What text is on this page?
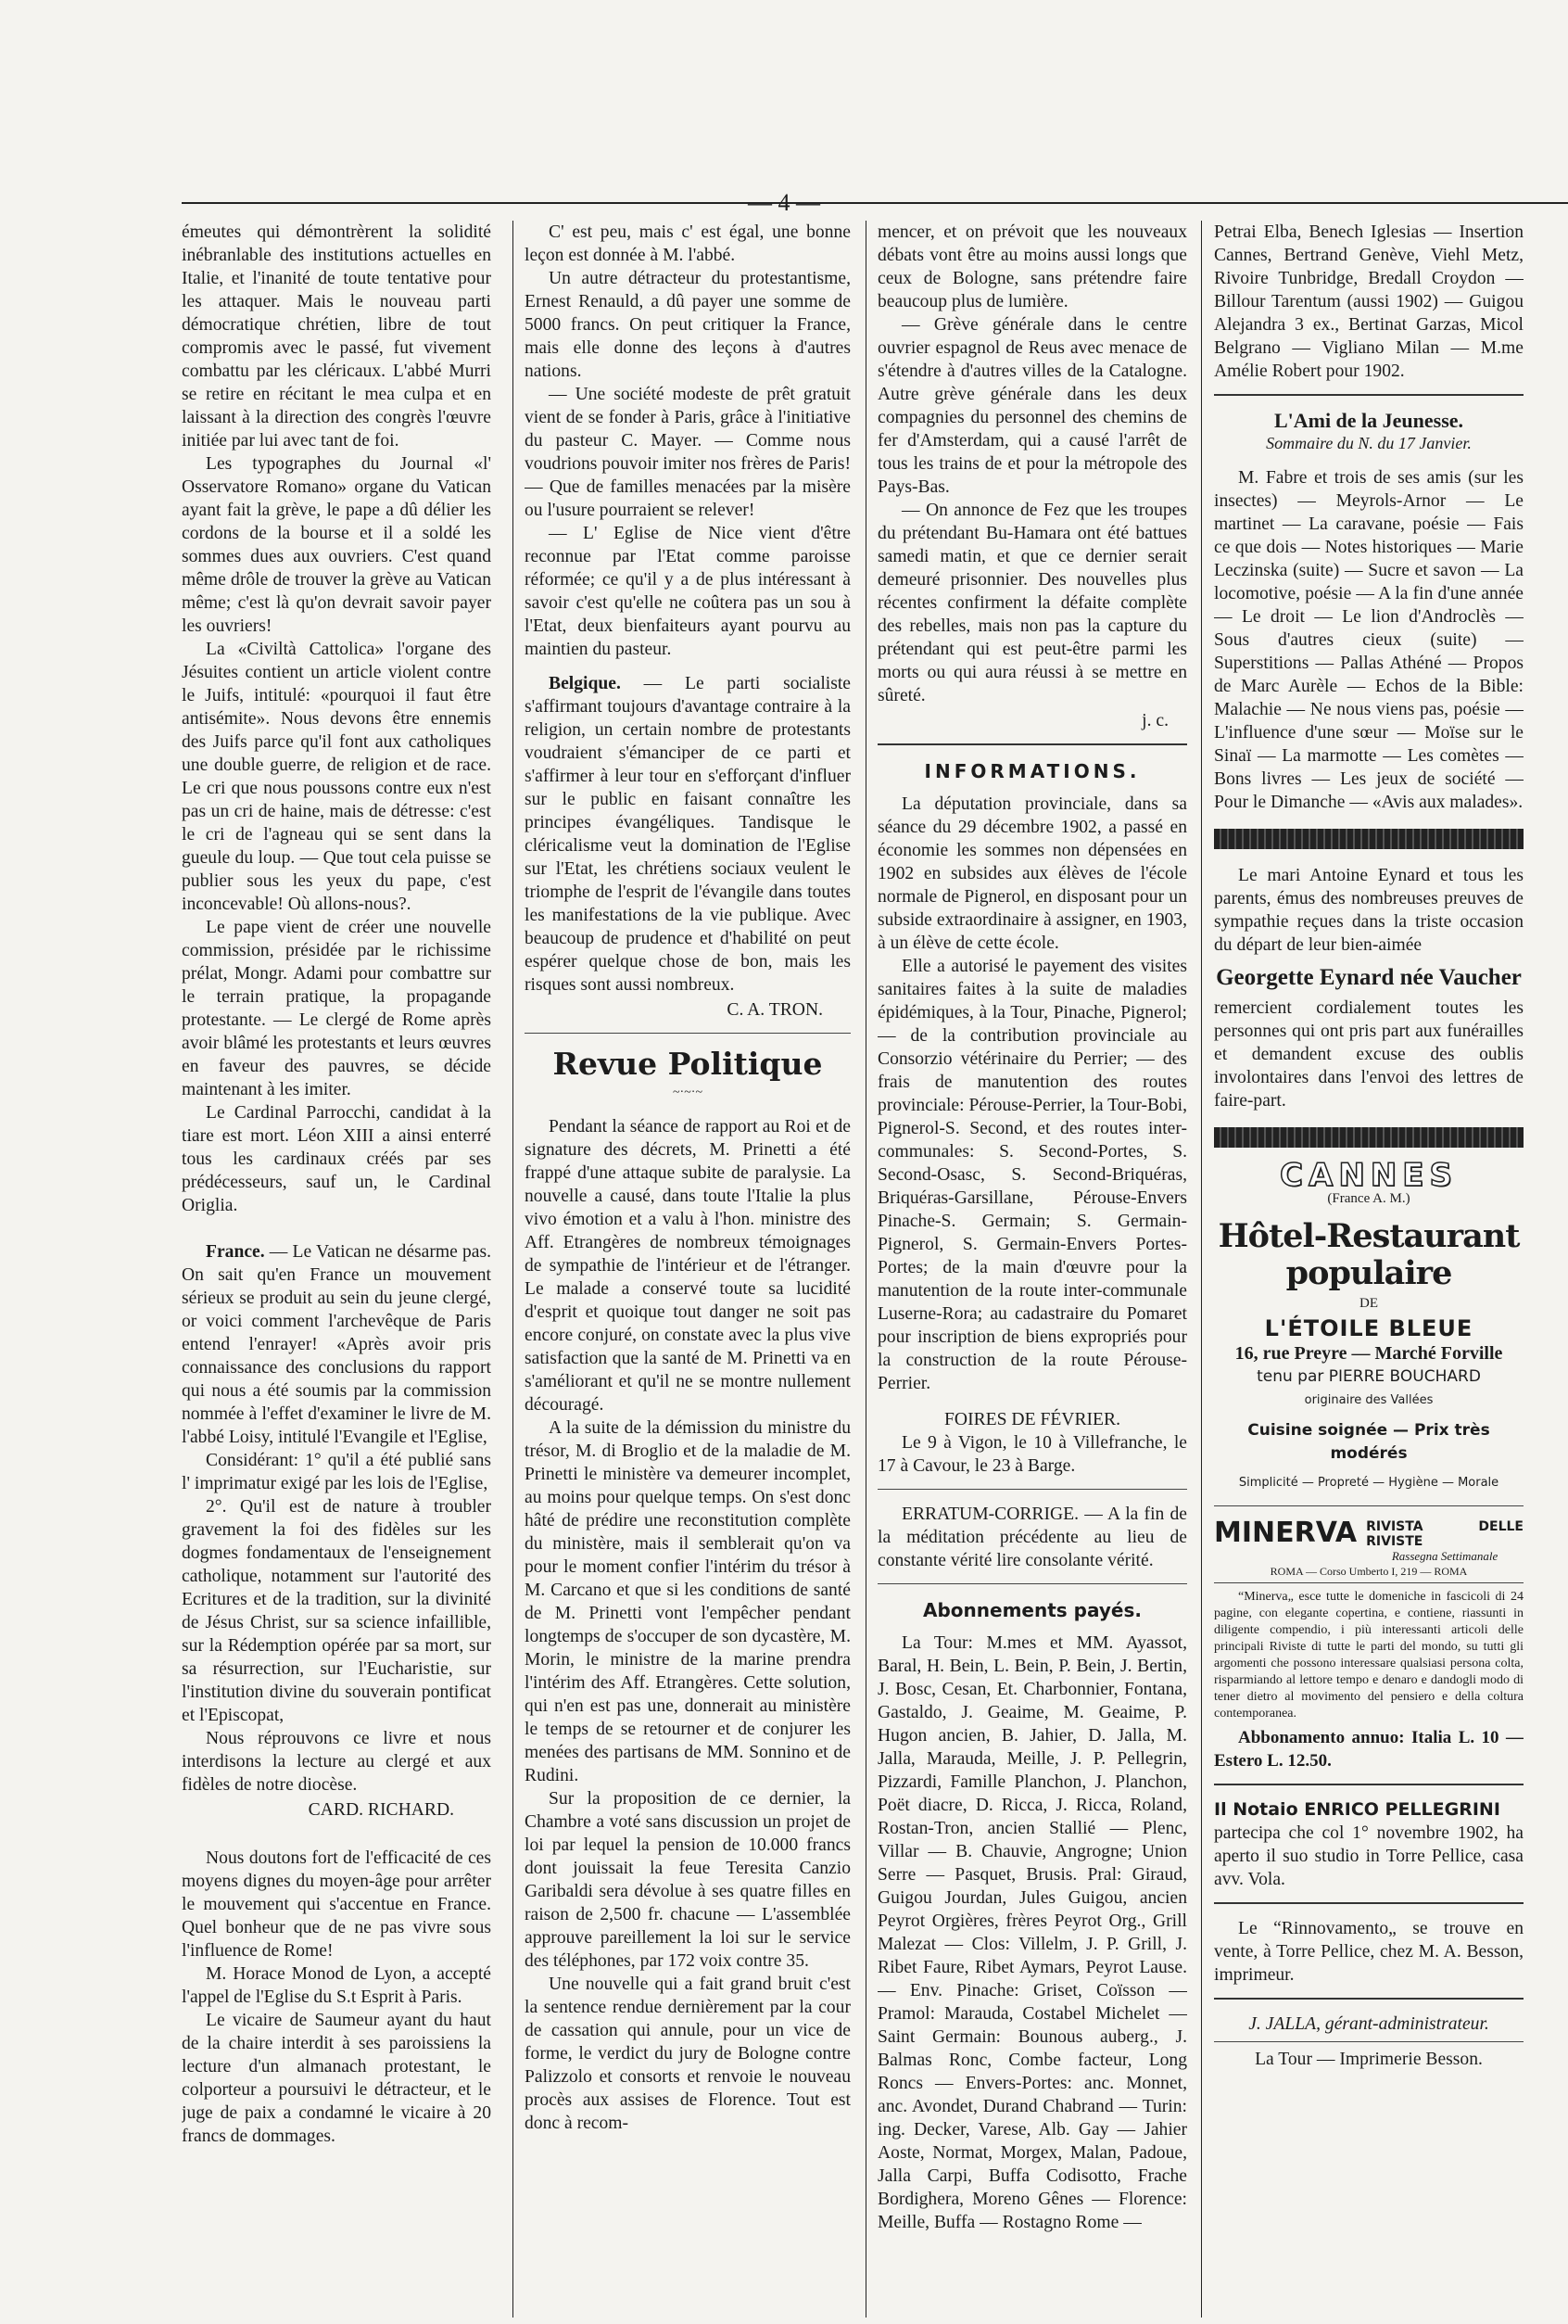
— 4 —

émeutes qui démontrèrent la solidité inébranlable des institutions actuelles en Italie, et l'inanité de toute tentative pour les attaquer. Mais le nouveau parti démocratique chrétien, libre de tout compromis avec le passé, fut vivement combattu par les cléricaux. L'abbé Murri se retire en récitant le mea culpa et en laissant à la direction des congrès l'œuvre initiée par lui avec tant de foi.

Les typographes du Journal «l' Osservatore Romano» organe du Vatican ayant fait la grève, le pape a dû délier les cordons de la bourse et il a soldé les sommes dues aux ouvriers. C'est quand même drôle de trouver la grève au Vatican même; c'est là qu'on devrait savoir payer les ouvriers!

La «Civiltà Cattolica» l'organe des Jésuites contient un article violent contre le Juifs, intitulé: «pourquoi il faut être antisémite». Nous devons être ennemis des Juifs parce qu'il font aux catholiques une double guerre, de religion et de race. Le cri que nous poussons contre eux n'est pas un cri de haine, mais de détresse: c'est le cri de l'agneau qui se sent dans la gueule du loup. — Que tout cela puisse se publier sous les yeux du pape, c'est inconcevable! Où allons-nous?.

Le pape vient de créer une nouvelle commission, présidée par le richissime prélat, Mongr. Adami pour combattre sur le terrain pratique, la propagande protestante. — Le clergé de Rome après avoir blâmé les protestants et leurs œuvres en faveur des pauvres, se décide maintenant à les imiter.

Le Cardinal Parrocchi, candidat à la tiare est mort. Léon XIII a ainsi enterré tous les cardinaux créés par ses prédécesseurs, sauf un, le Cardinal Origlia.

France. — Le Vatican ne désarme pas. On sait qu'en France un mouvement sérieux se produit au sein du jeune clergé, or voici comment l'archevêque de Paris entend l'enrayer! «Après avoir pris connaissance des conclusions du rapport qui nous a été soumis par la commission nommée à l'effet d'examiner le livre de M. l'abbé Loisy, intitulé l'Evangile et l'Eglise,

Considérant: 1° qu'il a été publié sans l' imprimatur exigé par les lois de l'Eglise,

2°. Qu'il est de nature à troubler gravement la foi des fidèles sur les dogmes fondamentaux de l'enseignement catholique, notamment sur l'autorité des Ecritures et de la tradition, sur la divinité de Jésus Christ, sur sa science infaillible, sur la Rédemption opérée par sa mort, sur sa résurrection, sur l'Eucharistie, sur l'institution divine du souverain pontificat et l'Episcopat,

Nous réprouvons ce livre et nous interdisons la lecture au clergé et aux fidèles de notre diocèse.

CARD. RICHARD.

Nous doutons fort de l'efficacité de ces moyens dignes du moyen-âge pour arrêter le mouvement qui s'accentue en France. Quel bonheur que de ne pas vivre sous l'influence de Rome!

M. Horace Monod de Lyon, a accepté l'appel de l'Eglise du S.t Esprit à Paris.

Le vicaire de Saumeur ayant du haut de la chaire interdit à ses paroissiens la lecture d'un almanach protestant, le colporteur a poursuivi le détracteur, et le juge de paix a condamné le vicaire à 20 francs de dommages.

C' est peu, mais c' est égal, une bonne leçon est donnée à M. l'abbé.

Un autre détracteur du protestantisme, Ernest Renauld, a dû payer une somme de 5000 francs. On peut critiquer la France, mais elle donne des leçons à d'autres nations.

— Une société modeste de prêt gratuit vient de se fonder à Paris, grâce à l'initiative du pasteur C. Mayer. — Comme nous voudrions pouvoir imiter nos frères de Paris! — Que de familles menacées par la misère ou l'usure pourraient se relever!

— L' Eglise de Nice vient d'être reconnue par l'Etat comme paroisse réformée; ce qu'il y a de plus intéressant à savoir c'est qu'elle ne coûtera pas un sou à l'Etat, deux bienfaiteurs ayant pourvu au maintien du pasteur.

Belgique. — Le parti socialiste s'affirmant toujours d'avantage contraire à la religion, un certain nombre de protestants voudraient s'émanciper de ce parti et s'affirmer à leur tour en s'efforçant d'influer sur le public en faisant connaître les principes évangéliques. Tandisque le cléricalisme veut la domination de l'Eglise sur l'Etat, les chrétiens sociaux veulent le triomphe de l'esprit de l'évangile dans toutes les manifestations de la vie publique. Avec beaucoup de prudence et d'habilité on peut espérer quelque chose de bon, mais les risques sont aussi nombreux.

C. A. TRON.
Revue Politique
~·~·~

Pendant la séance de rapport au Roi et de signature des décrets, M. Prinetti a été frappé d'une attaque subite de paralysie. La nouvelle a causé, dans toute l'Italie la plus vivo émotion et a valu à l'hon. ministre des Aff. Etrangères de nombreux témoignages de sympathie de l'intérieur et de l'étranger. Le malade a conservé toute sa lucidité d'esprit et quoique tout danger ne soit pas encore conjuré, on constate avec la plus vive satisfaction que la santé de M. Prinetti va en s'améliorant et qu'il ne se montre nullement découragé.

A la suite de la démission du ministre du trésor, M. di Broglio et de la maladie de M. Prinetti le ministère va demeurer incomplet, au moins pour quelque temps. On s'est donc hâté de prédire une reconstitution complète du ministère, mais il semblerait qu'on va pour le moment confier l'intérim du trésor à M. Carcano et que si les conditions de santé de M. Prinetti vont l'empêcher pendant longtemps de s'occuper de son dycastère, M. Morin, le ministre de la marine prendra l'intérim des Aff. Etrangères. Cette solution, qui n'en est pas une, donnerait au ministère le temps de se retourner et de conjurer les menées des partisans de MM. Sonnino et de Rudini.

Sur la proposition de ce dernier, la Chambre a voté sans discussion un projet de loi par lequel la pension de 10.000 francs dont jouissait la feue Teresita Canzio Garibaldi sera dévolue à ses quatre filles en raison de 2,500 fr. chacune — L'assemblée approuve pareillement la loi sur le service des téléphones, par 172 voix contre 35.

Une nouvelle qui a fait grand bruit c'est la sentence rendue dernièrement par la cour de cassation qui annule, pour un vice de forme, le verdict du jury de Bologne contre Palizzolo et consorts et renvoie le nouveau procès aux assises de Florence. Tout est donc à recom-

mencer, et on prévoit que les nouveaux débats vont être au moins aussi longs que ceux de Bologne, sans prétendre faire beaucoup plus de lumière.

— Grève générale dans le centre ouvrier espagnol de Reus avec menace de s'étendre à d'autres villes de la Catalogne. Autre grève générale dans les deux compagnies du personnel des chemins de fer d'Amsterdam, qui a causé l'arrêt de tous les trains de et pour la métropole des Pays-Bas.

— On annonce de Fez que les troupes du prétendant Bu-Hamara ont été battues samedi matin, et que ce dernier serait demeuré prisonnier. Des nouvelles plus récentes confirment la défaite complète des rebelles, mais non pas la capture du prétendant qui est peut-être parmi les morts ou qui aura réussi à se mettre en sûreté.

j. c.
INFORMATIONS.

La députation provinciale, dans sa séance du 29 décembre 1902, a passé en économie les sommes non dépensées en 1902 en subsides aux élèves de l'école normale de Pignerol, en disposant pour un subside extraordinaire à assigner, en 1903, à un élève de cette école.

Elle a autorisé le payement des visites sanitaires faites à la suite de maladies épidémiques, à la Tour, Pinache, Pignerol; — de la contribution provinciale au Consorzio vétérinaire du Perrier; — des frais de manutention des routes provinciale: Pérouse-Perrier, la Tour-Bobi, Pignerol-S. Second, et des routes inter-communales: S. Second-Portes, S. Second-Osasc, S. Second-Briquéras, Briquéras-Garsillane, Pérouse-Envers Pinache-S. Germain; S. Germain-Pignerol, S. Germain-Envers Portes-Portes; de la main d'œuvre pour la manutention de la route inter-communale Luserne-Rora; au cadastraire du Pomaret pour inscription de biens expropriés pour la construction de la route Pérouse-Perrier.

FOIRES DE FÉVRIER.

Le 9 à Vigon, le 10 à Villefranche, le 17 à Cavour, le 23 à Barge.

ERRATUM-CORRIGE. — A la fin de la méditation précédente au lieu de constante vérité lire consolante vérité.

Abonnements payés.

La Tour: M.mes et MM. Ayassot, Baral, H. Bein, L. Bein, P. Bein, J. Bertin, J. Bosc, Cesan, Et. Charbonnier, Fontana, Gastaldo, J. Geaime, M. Geaime, P. Hugon ancien, B. Jahier, D. Jalla, M. Jalla, Marauda, Meille, J. P. Pellegrin, Pizzardi, Famille Planchon, J. Planchon, Poët diacre, D. Ricca, J. Ricca, Roland, Rostan-Tron, ancien Stallié — Plenc, Villar — B. Chauvie, Angrogne; Union Serre — Pasquet, Brusis. Pral: Giraud, Guigou Jourdan, Jules Guigou, ancien Peyrot Orgières, frères Peyrot Org., Grill Malezat — Clos: Villelm, J. P. Grill, J. Ribet Faure, Ribet Aymars, Peyrot Lause. — Env. Pinache: Griset, Coïsson — Pramol: Marauda, Costabel Michelet — Saint Germain: Bounous auberg., J. Balmas Ronc, Combe facteur, Long Roncs — Envers-Portes: anc. Monnet, anc. Avondet, Durand Chabrand — Turin: ing. Decker, Varese, Alb. Gay — Jahier Aoste, Normat, Morgex, Malan, Padoue, Jalla Carpi, Buffa Codisotto, Frache Bordighera, Moreno Gênes — Florence: Meille, Buffa — Rostagno Rome —

Petrai Elba, Benech Iglesias — Insertion Cannes, Bertrand Genève, Viehl Metz, Rivoire Tunbridge, Bredall Croydon — Billour Tarentum (aussi 1902) — Guigou Alejandra 3 ex., Bertinat Garzas, Micol Belgrano — Vigliano Milan — M.me Amélie Robert pour 1902.

L'Ami de la Jeunesse.
Sommaire du N. du 17 Janvier.

M. Fabre et trois de ses amis (sur les insectes) — Meyrols-Arnor — Le martinet — La caravane, poésie — Fais ce que dois — Notes historiques — Marie Leczinska (suite) — Sucre et savon — La locomotive, poésie — A la fin d'une année — Le droit — Le lion d'Androclès — Sous d'autres cieux (suite) — Superstitions — Pallas Athéné — Propos de Marc Aurèle — Echos de la Bible: Malachie — Ne nous viens pas, poésie — L'influence d'une sœur — Moïse sur le Sinaï — La marmotte — Les comètes — Bons livres — Les jeux de société — Pour le Dimanche — «Avis aux malades».

Le mari Antoine Eynard et tous les parents, émus des nombreuses preuves de sympathie reçues dans la triste occasion du départ de leur bien-aimée

Georgette Eynard née Vaucher

remercient cordialement toutes les personnes qui ont pris part aux funérailles et demandent excuse des oublis involontaires dans l'envoi des lettres de faire-part.

CANNES
(France A. M.)
Hôtel-Restaurant populaire
DE
L'ÉTOILE BLEUE
16, rue Preyre — Marché Forville
tenu par PIERRE BOUCHARD
originaire des Vallées
Cuisine soignée — Prix très modérés
Simplicité — Propreté — Hygiène — Morale
MINERVA RIVISTA DELLE RIVISTE
Rassegna Settimanale
ROMA — Corso Umberto I, 219 — ROMA

“Minerva„ esce tutte le domeniche in fascicoli di 24 pagine, con elegante copertina, e contiene, riassunti in diligente compendio, i più interessanti articoli delle principali Riviste di tutte le parti del mondo, su tutti gli argomenti che possono interessare qualsiasi persona colta, risparmiando al lettore tempo e denaro e dandogli modo di tener dietro al movimento del pensiero e della coltura contemporanea.

Abbonamento annuo: Italia L. 10 — Estero L. 12.50.

Il Notaio ENRICO PELLEGRINI

partecipa che col 1° novembre 1902, ha aperto il suo studio in Torre Pellice, casa avv. Vola.

Le “Rinnovamento„ se trouve en vente, à Torre Pellice, chez M. A. Besson, imprimeur.

J. JALLA, gérant-administrateur.
La Tour — Imprimerie Besson.
